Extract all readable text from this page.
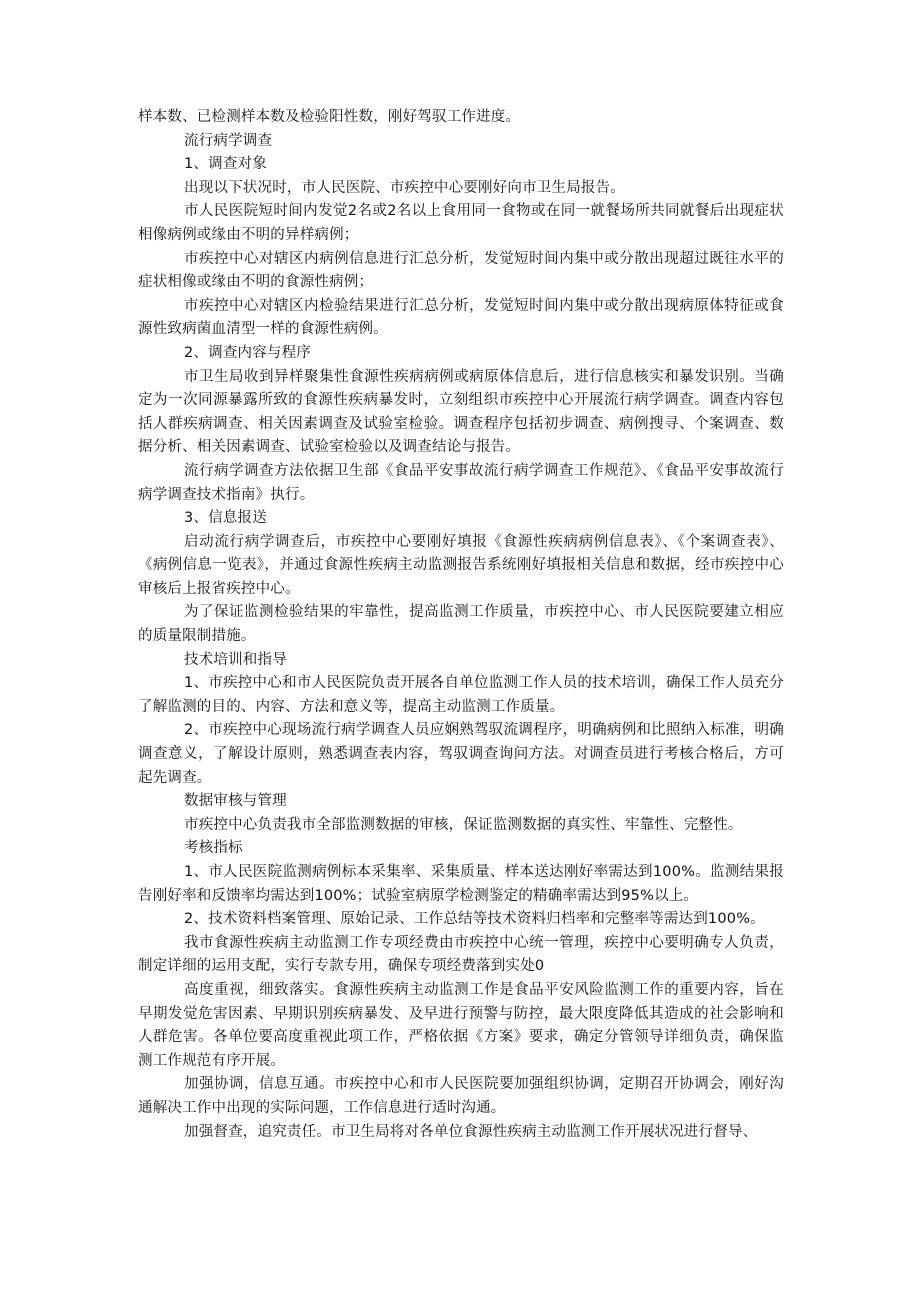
样本数、已检测样本数及检验阳性数，刚好驾驭工作进度。

流行病学调查

1、调查对象

出现以下状况时，市人民医院、市疾控中心要刚好向市卫生局报告。

市人民医院短时间内发觉2名或2名以上食用同一食物或在同一就餐场所共同就餐后出现症状相像病例或缘由不明的异样病例；

市疾控中心对辖区内病例信息进行汇总分析，发觉短时间内集中或分散出现超过既往水平的症状相像或缘由不明的食源性病例；

市疾控中心对辖区内检验结果进行汇总分析，发觉短时间内集中或分散出现病原体特征或食源性致病菌血清型一样的食源性病例。

2、调查内容与程序

市卫生局收到异样聚集性食源性疾病病例或病原体信息后，进行信息核实和暴发识别。当确定为一次同源暴露所致的食源性疾病暴发时，立刻组织市疾控中心开展流行病学调查。调查内容包括人群疾病调查、相关因素调查及试验室检验。调查程序包括初步调查、病例搜寻、个案调查、数据分析、相关因素调查、试验室检验以及调查结论与报告。

流行病学调查方法依据卫生部《食品平安事故流行病学调查工作规范》、《食品平安事故流行病学调查技术指南》执行。

3、信息报送

启动流行病学调查后，市疾控中心要刚好填报《食源性疾病病例信息表》、《个案调查表》、《病例信息一览表》，并通过食源性疾病主动监测报告系统刚好填报相关信息和数据，经市疾控中心审核后上报省疾控中心。

为了保证监测检验结果的牢靠性，提高监测工作质量，市疾控中心、市人民医院要建立相应的质量限制措施。

技术培训和指导

1、市疾控中心和市人民医院负责开展各自单位监测工作人员的技术培训，确保工作人员充分了解监测的目的、内容、方法和意义等，提高主动监测工作质量。

2、市疾控中心现场流行病学调查人员应娴熟驾驭流调程序，明确病例和比照纳入标准，明确调查意义，了解设计原则，熟悉调查表内容，驾驭调查询问方法。对调查员进行考核合格后，方可起先调查。

数据审核与管理

市疾控中心负责我市全部监测数据的审核，保证监测数据的真实性、牢靠性、完整性。

考核指标

1、市人民医院监测病例标本采集率、采集质量、样本送达刚好率需达到100%。监测结果报告刚好率和反馈率均需达到100%；试验室病原学检测鉴定的精确率需达到95%以上。

2、技术资料档案管理、原始记录、工作总结等技术资料归档率和完整率等需达到100%。

我市食源性疾病主动监测工作专项经费由市疾控中心统一管理，疾控中心要明确专人负责，制定详细的运用支配，实行专款专用，确保专项经费落到实处0

高度重视，细致落实。食源性疾病主动监测工作是食品平安风险监测工作的重要内容，旨在早期发觉危害因素、早期识别疾病暴发、及早进行预警与防控，最大限度降低其造成的社会影响和人群危害。各单位要高度重视此项工作，严格依据《方案》要求，确定分管领导详细负责，确保监测工作规范有序开展。

加强协调，信息互通。市疾控中心和市人民医院要加强组织协调，定期召开协调会，刚好沟通解决工作中出现的实际问题，工作信息进行适时沟通。

加强督查，追究责任。市卫生局将对各单位食源性疾病主动监测工作开展状况进行督导、
